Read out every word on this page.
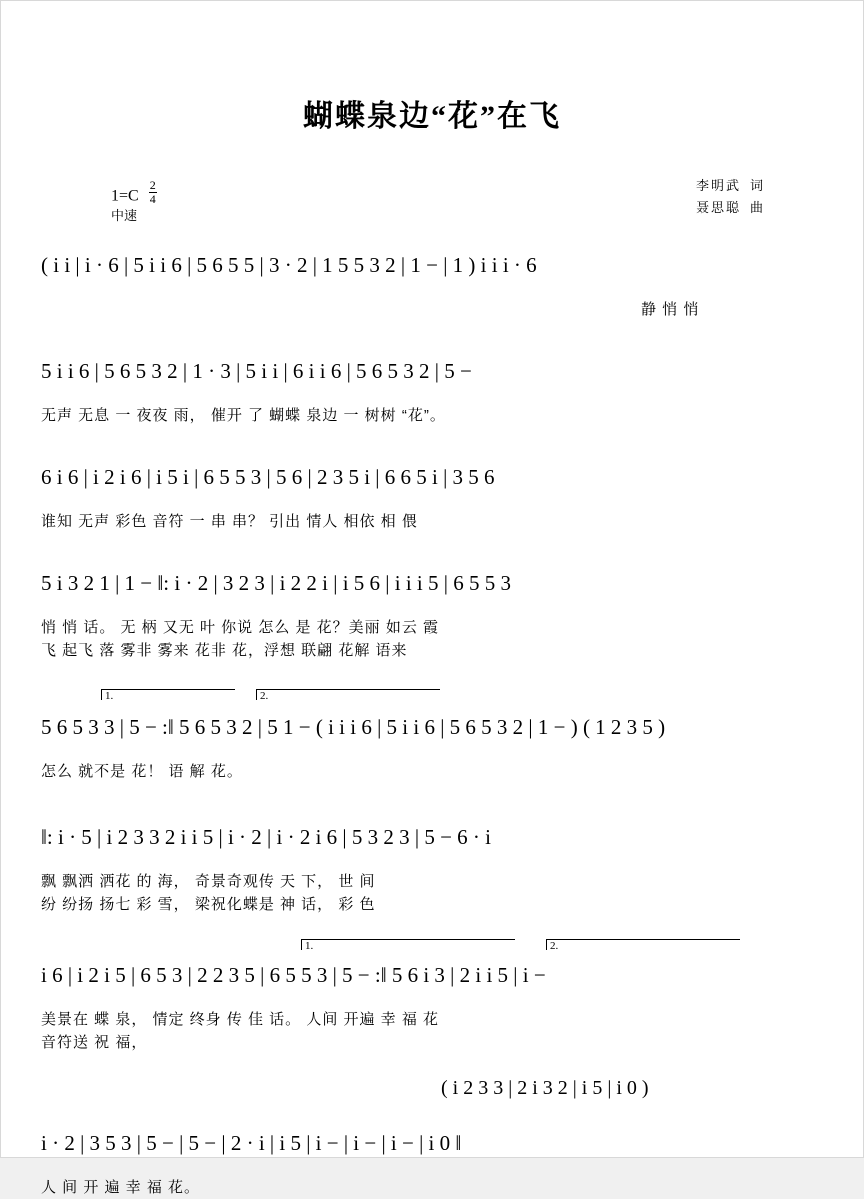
蝴蝶泉边“花”在飞
$1=C \frac{2}{4}$
中速
李明武 词
聂思聪 曲
( i i | i · 6 | 5 i i 6 | 5 6 5 5 | 3 · 2 | 1 5 5 3 2 | 1 − | 1 ) i i i · 6
静 悄 悄
5 i i 6 | 5 6 5 3 2 | 1 · 3 | 5 i i | 6 i i 6 | 5 6 5 3 2 | 5 −
无声 无息 一 夜夜 雨， 催开 了 蝴蝶 泉边 一 树树 “花”。
6 i 6 | i 2 i 6 | i 5 i | 6 5 5 3 | 5 6 | 2 3 5 i | 6 6 5 i | 3 5 6
谁知 无声 彩色 音符 一 串 串？ 引出 情人 相依 相 偎
5 i 3 2 1 | 1 − ‖: i · 2 | 3 2 3 | i 2 2 i | i 5 6 | i i i 5 | 6 5 5 3
悄 悄 话。 无 柄 又无 叶 你说 怎么 是 花？美丽 如云 霞
飞 起飞 落 雾非 雾来 花非 花，浮想 联翩 花解 语来
1.	2.
5 6 5 3 3 | 5 − :‖ 5 6 5 3 2 | 5 1 − ( i i i 6 | 5 i i 6 | 5 6 5 3 2 | 1 − ) ( 1 2 3 5 )
怎么 就不是 花！ 语 解 花。
‖: i · 5 | i 2 3 3 2 i i 5 | i · 2 | i · 2 i 6 | 5 3 2 3 | 5 − 6 · i
飘 飘洒 洒花 的 海， 奇景奇观传 天 下， 世 间
纷 纷扬 扬七 彩 雪， 梁祝化蝶是 神 话， 彩 色
1.	2.
i 6 | i 2 i 5 | 6 5 3 | 2 2 3 5 | 6 5 5 3 | 5 − :‖ 5 6 i 3 | 2 i i 5 | i −
美景在 蝶 泉， 情定 终身 传 佳 话。 人间 开遍 幸 福 花
音符送 祝 福，
( i 2 3 3 | 2 i 3 2 | i 5 | i 0 )
i · 2 | 3 5 3 | 5 − | 5 − | 2 · i | i 5 | i − | i − | i − | i 0 ‖
人 间 开 遍 幸 福 花。
